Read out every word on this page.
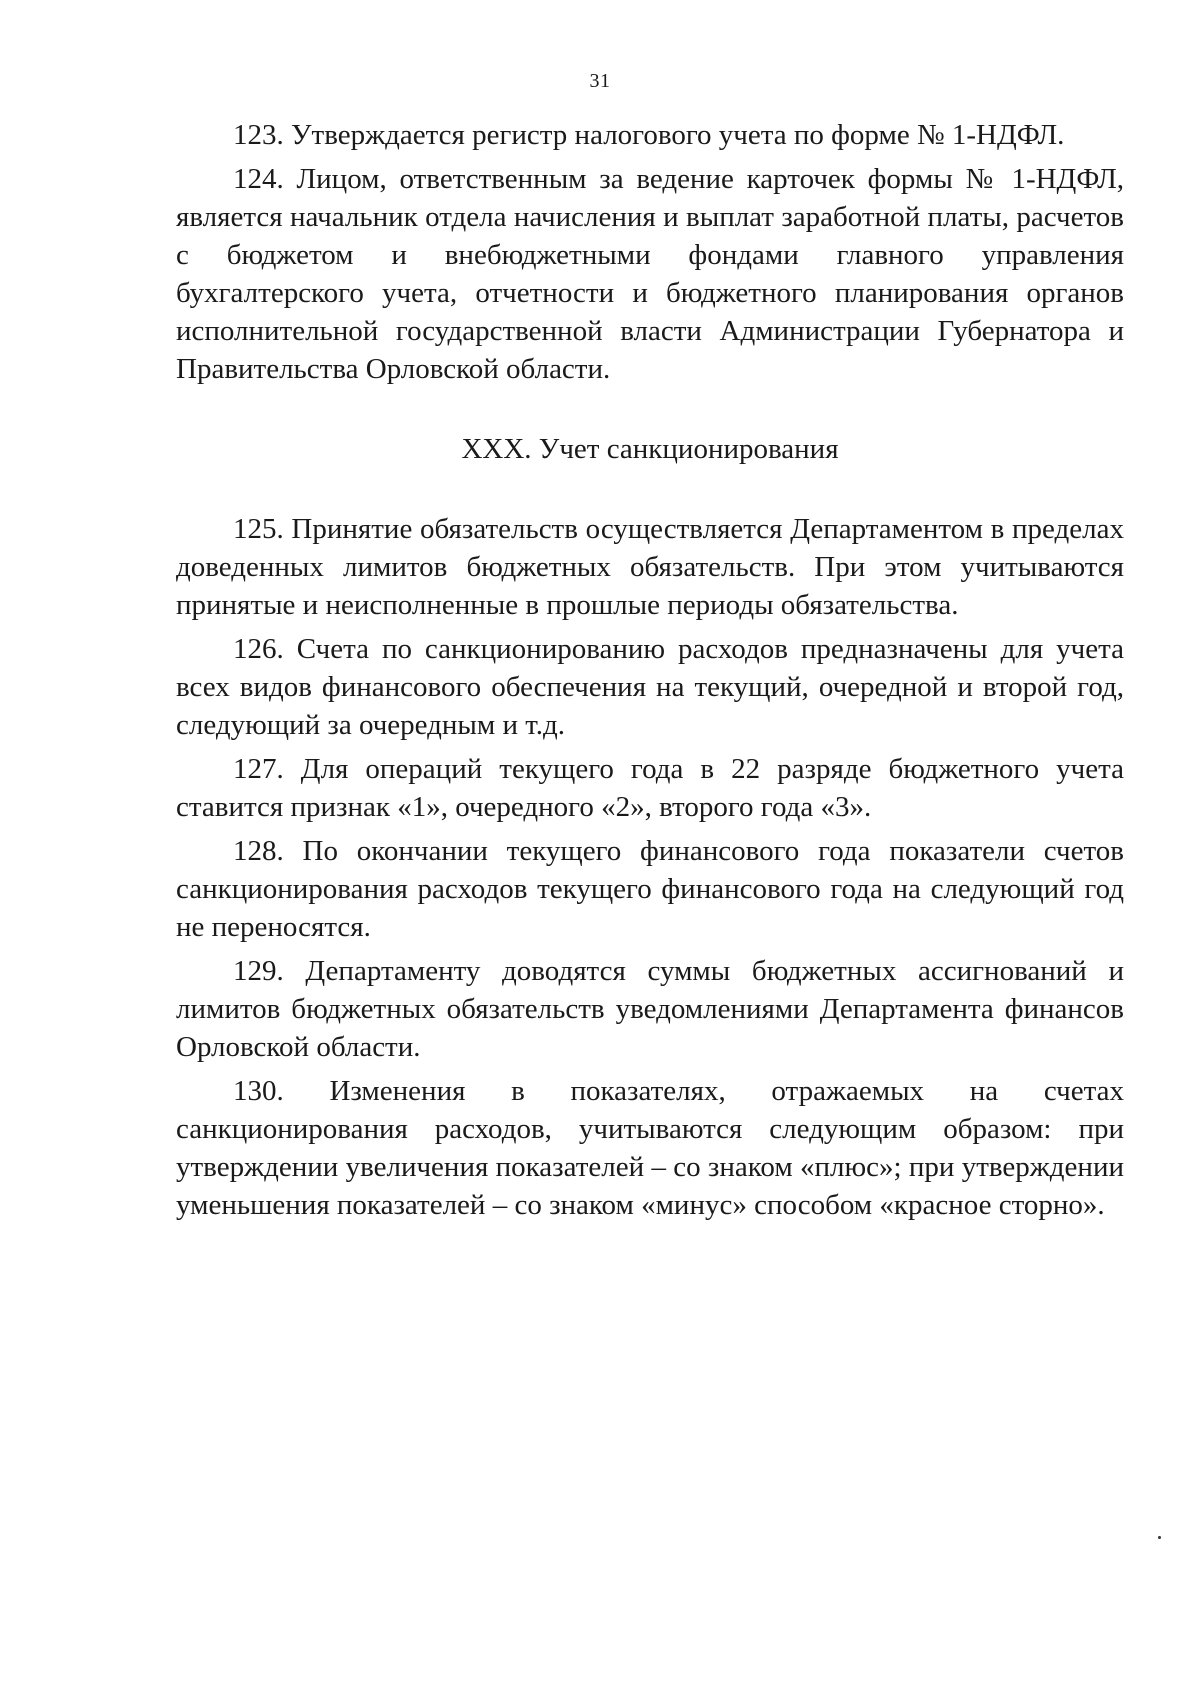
31

123. Утверждается регистр налогового учета по форме № 1-НДФЛ.

124. Лицом, ответственным за ведение карточек формы № 1-НДФЛ, является начальник отдела начисления и выплат заработной платы, расчетов с бюджетом и внебюджетными фондами главного управления бухгалтерского учета, отчетности и бюджетного планирования органов исполнительной государственной власти Администрации Губернатора и Правительства Орловской области.

XXX. Учет санкционирования

125. Принятие обязательств осуществляется Департаментом в пределах доведенных лимитов бюджетных обязательств. При этом учитываются принятые и неисполненные в прошлые периоды обязательства.

126. Счета по санкционированию расходов предназначены для учета всех видов финансового обеспечения на текущий, очередной и второй год, следующий за очередным и т.д.

127. Для операций текущего года в 22 разряде бюджетного учета ставится признак «1», очередного «2», второго года «3».

128. По окончании текущего финансового года показатели счетов санкционирования расходов текущего финансового года на следующий год не переносятся.

129. Департаменту доводятся суммы бюджетных ассигнований и лимитов бюджетных обязательств уведомлениями Департамента финансов Орловской области.

130. Изменения в показателях, отражаемых на счетах санкционирования расходов, учитываются следующим образом: при утверждении увеличения показателей – со знаком «плюс»; при утверждении уменьшения показателей – со знаком «минус» способом «красное сторно».
